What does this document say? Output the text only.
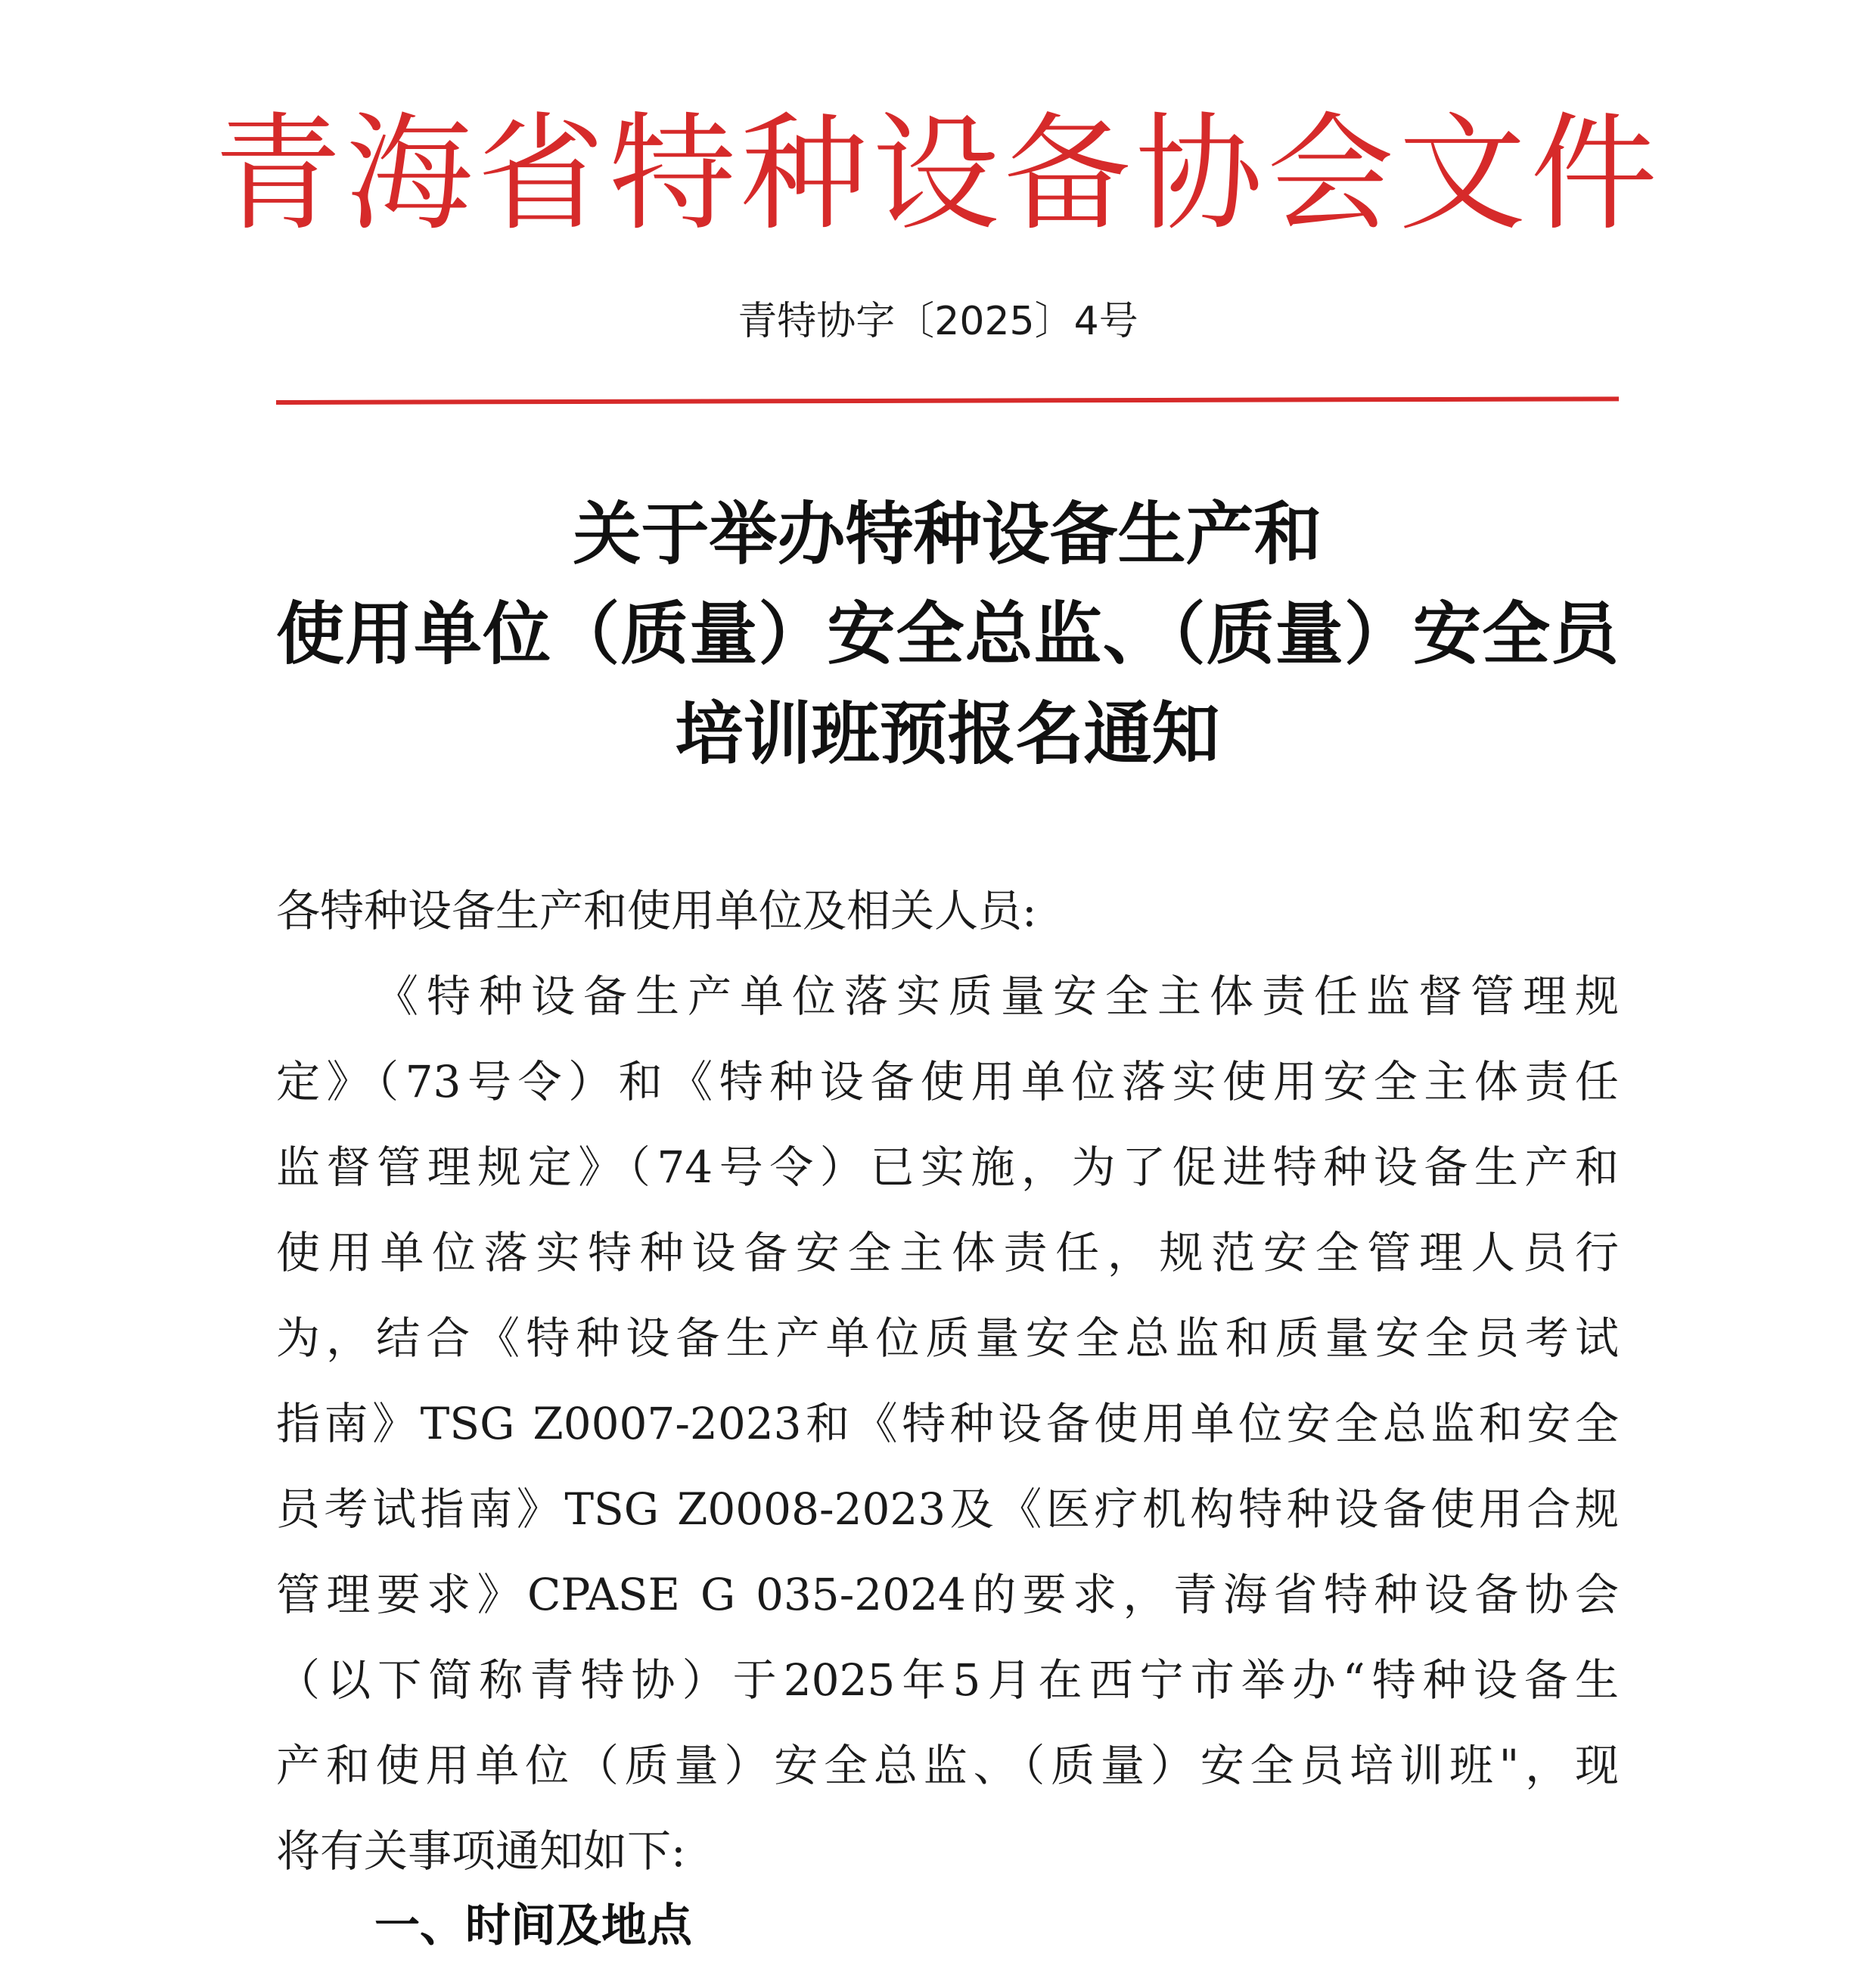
青海省特种设备协会文件
青特协字〔2025〕4号
关于举办特种设备生产和
使用单位（质量）安全总监、（质量）安全员
培训班预报名通知
各特种设备生产和使用单位及相关人员:
《特种设备生产单位落实质量安全主体责任监督管理规
定》（73号令）和《特种设备使用单位落实使用安全主体责任
监督管理规定》（74号令）已实施，为了促进特种设备生产和
使用单位落实特种设备安全主体责任，规范安全管理人员行
为，结合《特种设备生产单位质量安全总监和质量安全员考试
指南》TSG Z0007-2023和《特种设备使用单位安全总监和安全
员考试指南》TSG Z0008-2023及《医疗机构特种设备使用合规
管理要求》CPASE G 035-2024的要求，青海省特种设备协会
（以下简称青特协）于2025年5月在西宁市举办“特种设备生
产和使用单位（质量）安全总监、（质量）安全员培训班"，现
将有关事项通知如下:
一、时间及地点
